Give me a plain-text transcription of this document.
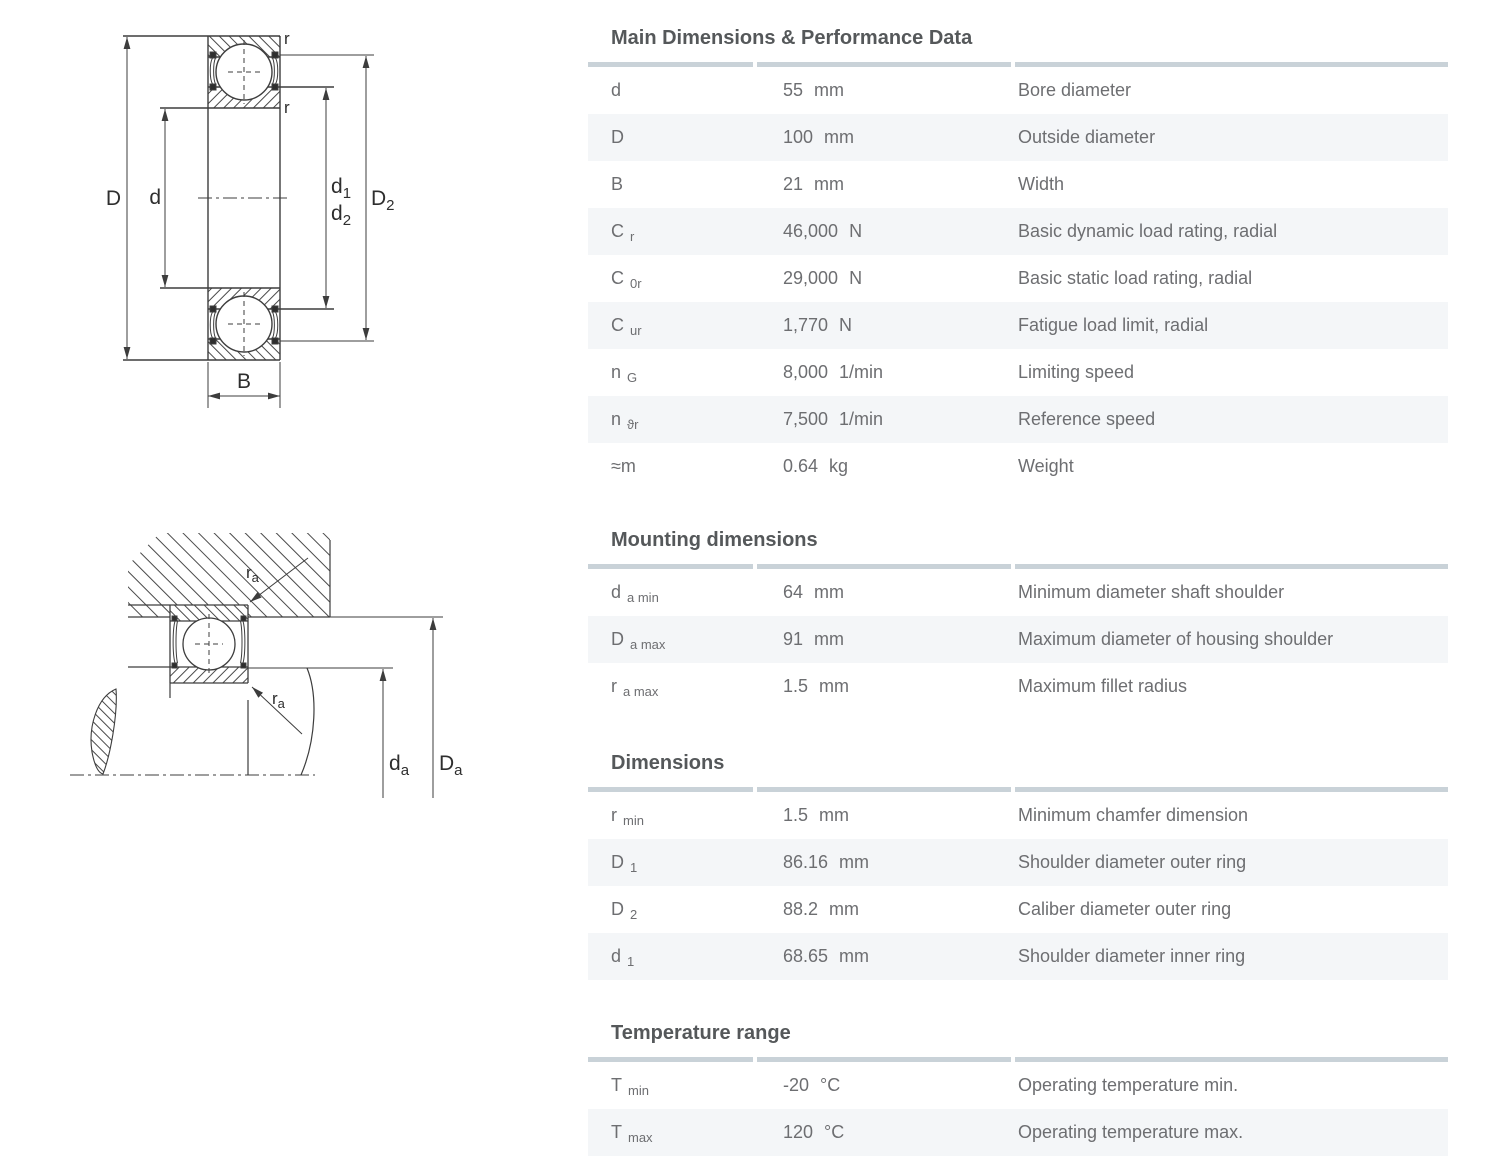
D d	$d_1$
$d_2$
$D_2$
r
r
B
$r_a$
$r_a$
$d_a$ $D_a$
Main Dimensions & Performance Data
d	55 mm	Bore diameter
D	100 mm	Outside diameter
B	21 mm	Width
C $_r$	46,000 N	Basic dynamic load rating, radial
C $_{0r}$	29,000 N	Basic static load rating, radial
C $_{ur}$	1,770 N	Fatigue load limit, radial
n $_G$	8,000 1/min	Limiting speed
n $_{ϑr}$	7,500 1/min	Reference speed
≈m	0.64 kg	Weight
Mounting dimensions
d $_{a min}$	64 mm	Minimum diameter shaft shoulder
D $_{a max}$	91 mm	Maximum diameter of housing shoulder
r $_{a max}$	1.5 mm	Maximum fillet radius
Dimensions
r $_{min}$	1.5 mm	Minimum chamfer dimension
D $_1$	86.16 mm	Shoulder diameter outer ring
D $_2$	88.2 mm	Caliber diameter outer ring
d $_1$	68.65 mm	Shoulder diameter inner ring
Temperature range
T $_{min}$	-20 °C	Operating temperature min.
T $_{max}$	120 °C	Operating temperature max.
